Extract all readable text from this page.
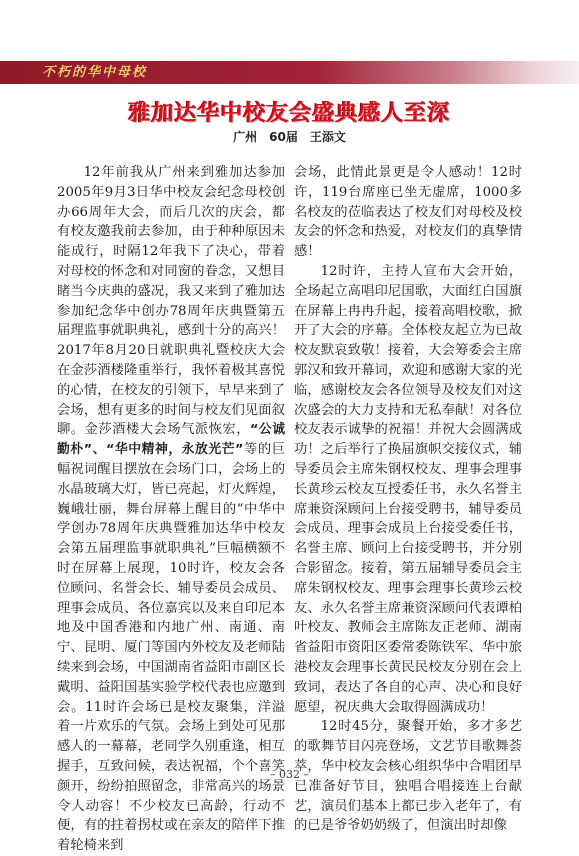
不朽的华中母校
雅加达华中校友会盛典感人至深
广州　60届　王添文

12年前我从广州来到雅加达参加2005年9月3日华中校友会纪念母校创办66周年大会，而后几次的庆会，都有校友邀我前去参加，由于种种原因未能成行，时隔12年我下了决心，带着对母校的怀念和对同窗的眷念，又想目睹当今庆典的盛况，我又来到了雅加达参加纪念华中创办78周年庆典暨第五届理监事就职典礼，感到十分的高兴！2017年8月20日就职典礼暨校庆大会在金莎酒楼隆重举行，我怀着极其喜悦的心情，在校友的引领下，早早来到了会场，想有更多的时间与校友们见面叙聊。金莎酒楼大会场气派恢宏，“公诚勤朴”、“华中精神，永放光芒”等的巨幅祝词醒目摆放在会场门口，会场上的水晶玻璃大灯，皆已亮起，灯火辉煌，巍峨壮丽，舞台屏幕上醒目的“中华中学创办78周年庆典暨雅加达华中校友会第五届理监事就职典礼”巨幅横额不时在屏幕上展现，10时许，校友会各位顾问、名誉会长、辅导委员会成员、理事会成员、各位嘉宾以及来自印尼本地及中国香港和内地广州、南通、南宁、昆明、厦门等国内外校友及老师陆续来到会场，中国湖南省益阳市副区长戴明、益阳国基实验学校代表也应邀到会。11时许会场已是校友聚集，洋溢着一片欢乐的气氛。会场上到处可见那感人的一幕幕，老同学久别重逢，相互握手，互致问候，表达祝福，个个喜笑颜开，纷纷拍照留念，非常高兴的场景令人动容！不少校友已高龄，行动不便，有的拄着拐杖或在亲友的陪伴下推着轮椅来到

会场，此情此景更是令人感动！12时许，119台席座已坐无虚席，1000多名校友的莅临表达了校友们对母校及校友会的怀念和热爱，对校友们的真挚情感！

12时许，主持人宣布大会开始，全场起立高唱印尼国歌，大面红白国旗在屏幕上冉冉升起，接着高唱校歌，掀开了大会的序幕。全体校友起立为已故校友默哀致敬！接着，大会筹委会主席郭汉和致开幕词，欢迎和感谢大家的光临，感谢校友会各位领导及校友们对这次盛会的大力支持和无私奉献！对各位校友表示诚挚的祝福！并祝大会圆满成功！之后举行了换届旗帜交接仪式，辅导委员会主席朱钢权校友、理事会理事长黄珍云校友互授委任书，永久名誉主席兼资深顾问上台接受聘书，辅导委员会成员、理事会成员上台接受委任书，名誉主席、顾问上台接受聘书，并分别合影留念。接着，第五届辅导委员会主席朱钢权校友、理事会理事长黄珍云校友、永久名誉主席兼资深顾问代表谭柏叶校友、教师会主席陈友正老师、湖南省益阳市资阳区委常委陈铁军、华中旅港校友会理事长黄民民校友分别在会上致词，表达了各自的心声、决心和良好愿望，祝庆典大会取得圆满成功！

12时45分，聚餐开始，多才多艺的歌舞节目闪亮登场，文艺节目歌舞荟萃，华中校友会核心组织华中合唱团早已准备好节目，独唱合唱接连上台献艺，演员们基本上都已步入老年了，有的已是爷爷奶奶级了，但演出时却像

– 032 –
